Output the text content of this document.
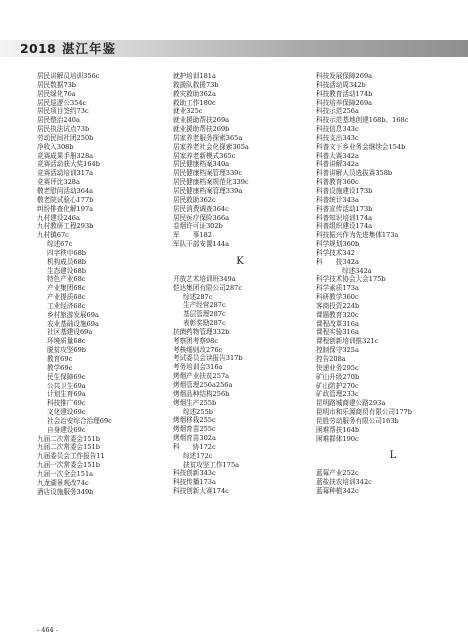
2018 湛江年鉴
居民讲解员培训356c
居民数据73b
居民绿化76a
居民巡逻公354c
居民项目签约73c
居民整治240a
居民执法试点73b
劳动民间社团250b
净收入308b
竞赛成果手册328a
竞赛活动获大奖164b
竞赛活动培训317a
竞赛评比328a
敬老慰问活动364a
敬老院试验心177b
纠纷排查化解197a
九村建设246a
九村教研工程293b
九村镇67c
综述67c
四字秩申68b
机构成员68b
生态建设68b
特色产业68c
产业集团68c
产业提质68c
工业经济68c
乡村旅游发展69a
农业基础设施69a
社区基建设69a
环境质量68c
脱贫攻坚69b
教育69c
教学69c
民生保障69c
公共卫生69a
计划生育69a
科技推广69c
文化建设69c
社会治安综合治理69c
自身建设69c
九届二次常委会151b
九届二次常委会151b
九届委员会工作报告11
九届一次常委会151b
九届一次全会151a
九龙湖景观改74c
酒店设施服务349b
就护培训181a
救援队救援73b
救灾救助362a
救助工作180c
就业325c
就业援助帮扶269a
就业援助帮扶269b
居家养老服务探索365a
居家养老社会化探索365a
居家养老新模式365c
居民健康档案340a
居民健康档案管理339c
居民健康档案规范化339c
居民健康档案管理339a
居民救助362c
居民消费调查364c
居民医疗保险366a
卷烟许可证302b
军　　事182
军队干部安置144a
K
开放艺术培训班349a
恺达集团有限公司287c
综述287c
生产经营287c
基层管理287c
表彰奖励287c
抗菌药物管理332b
考察团考察98c
考核细则改276c
考试委员会读报告317b
考务培训会316a
烤烟产业扶贫257a
烤烟管理256a256a
烤烟品种结构256b
烤烟生产255b
综述255b
烤烟移栽255c
烤烟育苗255c
烤烟育苗302a
科　　协172c
综述172c
扶贫攻坚工作175a
科技创新343c
科技传播173a
科技创新大赛174c
科技发展保障269a
科技活动周342b
科技教育活动174b
科技培养保障269a
科技示范256a
科技示范基地创建168b、168c
科技信息343c
科技支出343c
科普文下乡业务会继续会154b
科普大赛342a
科普讲解342a
科普讲解人员选拔赛358b
科普教育360c
科普设施建设173b
科普统计343a
科普宣传活动173b
科普知识培训174a
科普组织建设174a
科技振兴作为先进集体173a
科学规划360b
科学技术342
科　　技342a
综述342a
科学技术协会大会175b
科学素质173a
科研教学360c
客商投资224b
课题教育320c
课程改革316a
课程实验316a
课程创新培训推321c
控制保守325a
控告208a
快递业务295c
矿山升级270b
矿山防护270c
矿政管理233c
昆明路城商建公路293a
昆明市和乐源商贸有限公司177b
昆胜劳动服务有限公司163b
困难帮扶164b
困难群体190c
L
蓝莓产业252c
蓝盐扶农培训342c
蓝莓种植342c
- 464 -
